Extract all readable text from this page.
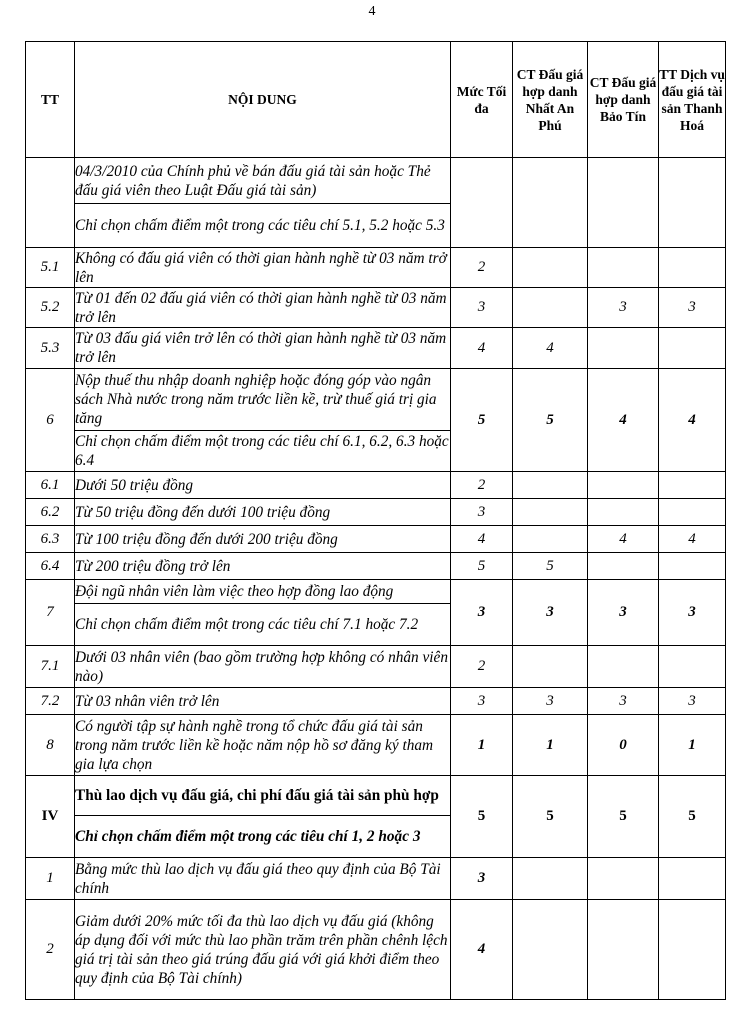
4
TT	NỘI DUNG	Mức Tối đa	CT Đấu giá hợp danh Nhất An Phú	CT Đấu giá hợp danh Bảo Tín	TT Dịch vụ đấu giá tài sản Thanh Hoá
	04/3/2010 của Chính phủ về bán đấu giá tài sản hoặc Thẻ đấu giá viên theo Luật Đấu giá tài sản)				
	Chỉ chọn chấm điểm một trong các tiêu chí 5.1, 5.2 hoặc 5.3				
5.1	Không có đấu giá viên có thời gian hành nghề từ 03 năm trở lên	2			
5.2	Từ 01 đến 02 đấu giá viên có thời gian hành nghề từ 03 năm trở lên	3		3	3
5.3	Từ 03 đấu giá viên trở lên có thời gian hành nghề từ 03 năm trở lên	4	4		
6	Nộp thuế thu nhập doanh nghiệp hoặc đóng góp vào ngân sách Nhà nước trong năm trước liền kề, trừ thuế giá trị gia tăng	5	5	4	4
	Chỉ chọn chấm điểm một trong các tiêu chí 6.1, 6.2, 6.3 hoặc 6.4				
6.1	Dưới 50 triệu đồng	2			
6.2	Từ 50 triệu đồng đến dưới 100 triệu đồng	3			
6.3	Từ 100 triệu đồng đến dưới 200 triệu đồng	4		4	4
6.4	Từ 200 triệu đồng trở lên	5	5		
7	Đội ngũ nhân viên làm việc theo hợp đồng lao động	3	3	3	3
	Chỉ chọn chấm điểm một trong các tiêu chí 7.1 hoặc 7.2				
7.1	Dưới 03 nhân viên (bao gồm trường hợp không có nhân viên nào)	2			
7.2	Từ 03 nhân viên trở lên	3	3	3	3
8	Có người tập sự hành nghề trong tổ chức đấu giá tài sản trong năm trước liền kề hoặc năm nộp hồ sơ đăng ký tham gia lựa chọn	1	1	0	1
IV	Thù lao dịch vụ đấu giá, chi phí đấu giá tài sản phù hợp	5	5	5	5
	Chỉ chọn chấm điểm một trong các tiêu chí 1, 2 hoặc 3				
1	Bằng mức thù lao dịch vụ đấu giá theo quy định của Bộ Tài chính	3			
2	Giảm dưới 20% mức tối đa thù lao dịch vụ đấu giá (không áp dụng đối với mức thù lao phần trăm trên phần chênh lệch giá trị tài sản theo giá trúng đấu giá với giá khởi điểm theo quy định của Bộ Tài chính)	4			
